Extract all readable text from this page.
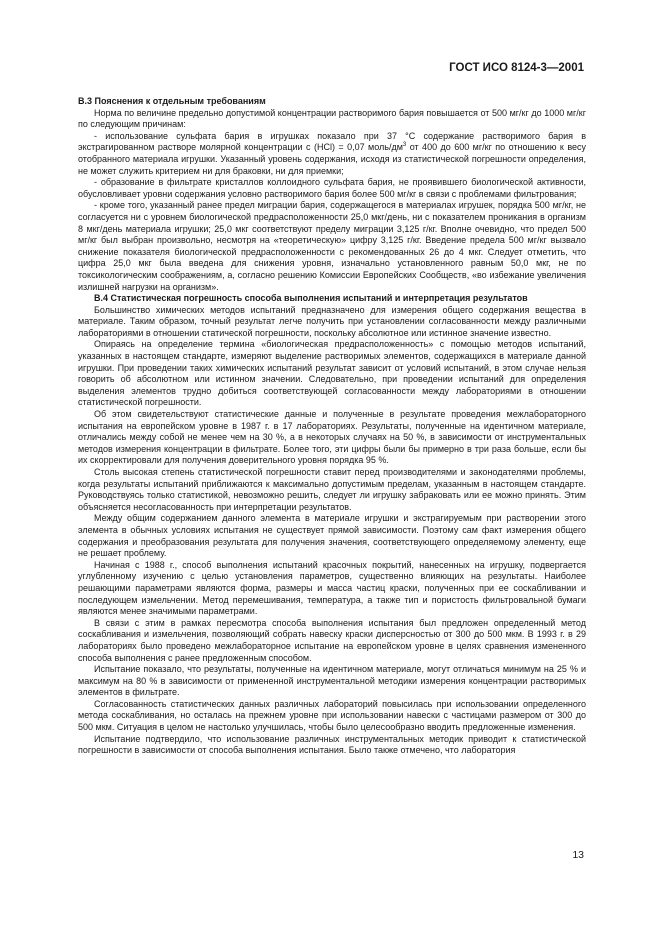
ГОСТ ИСО 8124-3—2001

В.3 Пояснения к отдельным требованиям

Норма по величине предельно допустимой концентрации растворимого бария повышается от 500 мг/кг до 1000 мг/кг по следующим причинам:

- использование сульфата бария в игрушках показало при 37 °С содержание растворимого бария в экстрагированном растворе молярной концентрации с (HCl) = 0,07 моль/$дм^3$ от 400 до 600 мг/кг по отношению к весу отобранного материала игрушки. Указанный уровень содержания, исходя из статистической погрешности определения, не может служить критерием ни для браковки, ни для приемки;

- образование в фильтрате кристаллов коллоидного сульфата бария, не проявившего биологической активности, обусловливает уровни содержания условно растворимого бария более 500 мг/кг в связи с проблемами фильтрования;

- кроме того, указанный ранее предел миграции бария, содержащегося в материалах игрушек, порядка 500 мг/кг, не согласуется ни с уровнем биологической предрасположенности 25,0 мкг/день, ни с показателем проникания в организм 8 мкг/день материала игрушки; 25,0 мкг соответствуют пределу миграции 3,125 г/кг. Вполне очевидно, что предел 500 мг/кг был выбран произвольно, несмотря на «теоретическую» цифру 3,125 г/кг. Введение предела 500 мг/кг вызвало снижение показателя биологической предрасположенности с рекомендованных 26 до 4 мкг. Следует отметить, что цифра 25,0 мкг была введена для снижения уровня, изначально установленного равным 50,0 мкг, не по токсикологическим соображениям, а, согласно решению Комиссии Европейских Сообществ, «во избежание увеличения излишней нагрузки на организм».

В.4 Статистическая погрешность способа выполнения испытаний и интерпретация результатов

Большинство химических методов испытаний предназначено для измерения общего содержания вещества в материале. Таким образом, точный результат легче получить при установлении согласованности между различными лабораториями в отношении статической погрешности, поскольку абсолютное или истинное значение известно.

Опираясь на определение термина «биологическая предрасположенность» с помощью методов испытаний, указанных в настоящем стандарте, измеряют выделение растворимых элементов, содержащихся в материале данной игрушки. При проведении таких химических испытаний результат зависит от условий испытаний, в этом случае нельзя говорить об абсолютном или истинном значении. Следовательно, при проведении испытаний для определения выделения элементов трудно добиться соответствующей согласованности между лабораториями в отношении статистической погрешности.

Об этом свидетельствуют статистические данные и полученные в результате проведения межлабораторного испытания на европейском уровне в 1987 г. в 17 лабораториях. Результаты, полученные на идентичном материале, отличались между собой не менее чем на 30 %, а в некоторых случаях на 50 %, в зависимости от инструментальных методов измерения концентрации в фильтрате. Более того, эти цифры были бы примерно в три раза больше, если бы их скорректировали для получения доверительного уровня порядка 95 %.

Столь высокая степень статистической погрешности ставит перед производителями и законодателями проблемы, когда результаты испытаний приближаются к максимально допустимым пределам, указанным в настоящем стандарте. Руководствуясь только статистикой, невозможно решить, следует ли игрушку забраковать или ее можно принять. Этим объясняется несогласованность при интерпретации результатов.

Между общим содержанием данного элемента в материале игрушки и экстрагируемым при растворении этого элемента в обычных условиях испытания не существует прямой зависимости. Поэтому сам факт измерения общего содержания и преобразования результата для получения значения, соответствующего определяемому элементу, еще не решает проблему.

Начиная с 1988 г., способ выполнения испытаний красочных покрытий, нанесенных на игрушку, подвергается углубленному изучению с целью установления параметров, существенно влияющих на результаты. Наиболее решающими параметрами являются форма, размеры и масса частиц краски, полученных при ее соскабливании и последующем измельчении. Метод перемешивания, температура, а также тип и пористость фильтровальной бумаги являются менее значимыми параметрами.

В связи с этим в рамках пересмотра способа выполнения испытания был предложен определенный метод соскабливания и измельчения, позволяющий собрать навеску краски дисперсностью от 300 до 500 мкм. В 1993 г. в 29 лабораториях было проведено межлабораторное испытание на европейском уровне в целях сравнения измененного способа выполнения с ранее предложенным способом.

Испытание показало, что результаты, полученные на идентичном материале, могут отличаться минимум на 25 % и максимум на 80 % в зависимости от примененной инструментальной методики измерения концентрации растворимых элементов в фильтрате.

Согласованность статистических данных различных лабораторий повысилась при использовании определенного метода соскабливания, но осталась на прежнем уровне при использовании навески с частицами размером от 300 до 500 мкм. Ситуация в целом не настолько улучшилась, чтобы было целесообразно вводить предложенные изменения.

Испытание подтвердило, что использование различных инструментальных методик приводит к статистической погрешности в зависимости от способа выполнения испытания. Было также отмечено, что лаборатория

13
